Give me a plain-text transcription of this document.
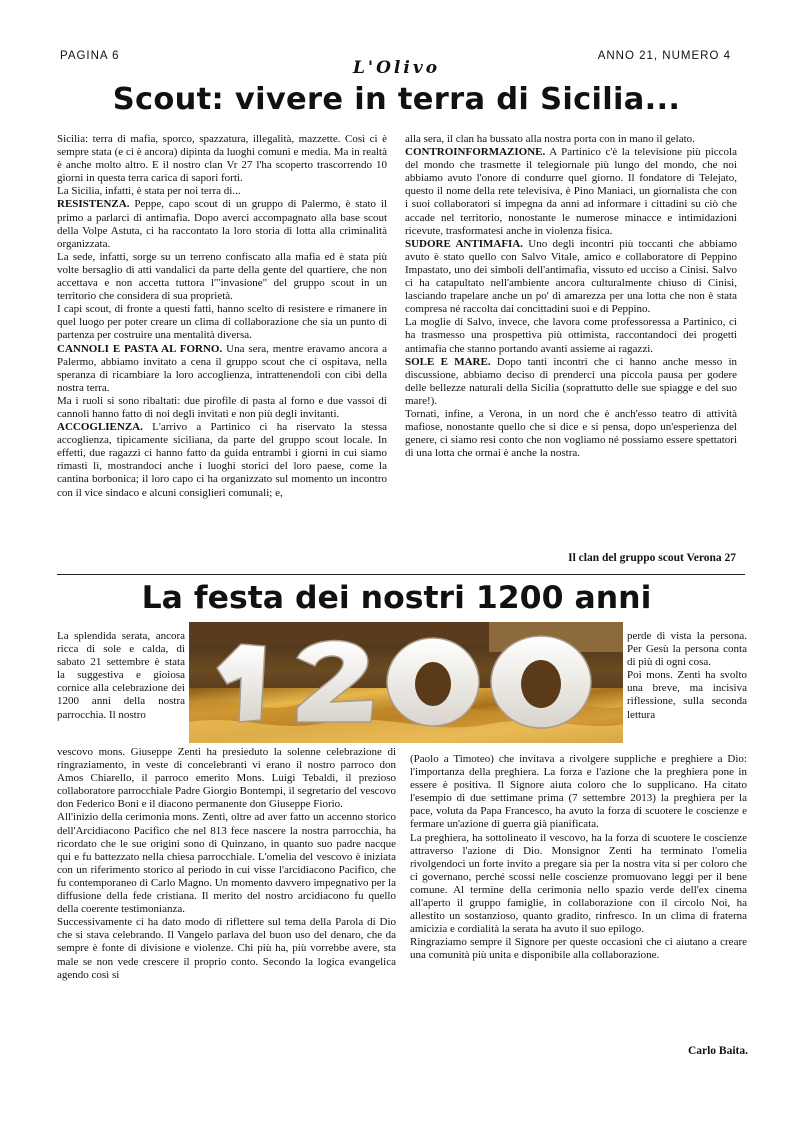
PAGINA 6	ANNO 21, NUMERO 4
L'Olivo
Scout: vivere in terra di Sicilia...

Sicilia: terra di mafia, sporco, spazzatura, illegalità, mazzette. Così ci è sempre stata (e ci è ancora) dipinta da luoghi comuni e media. Ma in realtà è anche molto altro. E il nostro clan Vr 27 l'ha scoperto trascorrendo 10 giorni in questa terra carica di sapori forti.

La Sicilia, infatti, è stata per noi terra di...

RESISTENZA. Peppe, capo scout di un gruppo di Palermo, è stato il primo a parlarci di antimafia. Dopo averci accompagnato alla base scout della Volpe Astuta, ci ha raccontato la loro storia di lotta alla criminalità organizzata.

La sede, infatti, sorge su un terreno confiscato alla mafia ed è stata più volte bersaglio di atti vandalici da parte della gente del quartiere, che non accettava e non accetta tuttora l'"invasione" del gruppo scout in un territorio che considera di sua proprietà.

I capi scout, di fronte a questi fatti, hanno scelto di resistere e rimanere in quel luogo per poter creare un clima di collaborazione che sia un punto di partenza per costruire una mentalità diversa.

CANNOLI E PASTA AL FORNO. Una sera, mentre eravamo ancora a Palermo, abbiamo invitato a cena il gruppo scout che ci ospitava, nella speranza di ricambiare la loro accoglienza, intrattenendoli con cibi della nostra terra.

Ma i ruoli si sono ribaltati: due pirofile di pasta al forno e due vassoi di cannoli hanno fatto di noi degli invitati e non più degli invitanti.

ACCOGLIENZA. L'arrivo a Partinico ci ha riservato la stessa accoglienza, tipicamente siciliana, da parte del gruppo scout locale. In effetti, due ragazzi ci hanno fatto da guida entrambi i giorni in cui siamo rimasti lì, mostrandoci anche i luoghi storici del loro paese, come la cantina borbonica; il loro capo ci ha organizzato sul momento un incontro con il vice sindaco e alcuni consiglieri comunali; e,

alla sera, il clan ha bussato alla nostra porta con in mano il gelato.

CONTROINFORMAZIONE. A Partinico c'è la televisione più piccola del mondo che trasmette il telegiornale più lungo del mondo, che noi abbiamo avuto l'onore di condurre quel giorno. Il fondatore di Telejato, questo il nome della rete televisiva, è Pino Maniaci, un giornalista che con i suoi collaboratori si impegna da anni ad informare i cittadini su ciò che accade nel territorio, nonostante le numerose minacce e intimidazioni ricevute, trasformatesi anche in violenza fisica.

SUDORE ANTIMAFIA. Uno degli incontri più toccanti che abbiamo avuto è stato quello con Salvo Vitale, amico e collaboratore di Peppino Impastato, uno dei simboli dell'antimafia, vissuto ed ucciso a Cinisi. Salvo ci ha catapultato nell'ambiente ancora culturalmente chiuso di Cinisi, lasciando trapelare anche un po' di amarezza per una lotta che non è stata compresa né raccolta dai concittadini suoi e di Peppino.

La moglie di Salvo, invece, che lavora come professoressa a Partinico, ci ha trasmesso una prospettiva più ottimista, raccontandoci dei progetti antimafia che stanno portando avanti assieme ai ragazzi.

SOLE E MARE. Dopo tanti incontri che ci hanno anche messo in discussione, abbiamo deciso di prenderci una piccola pausa per godere delle bellezze naturali della Sicilia (soprattutto delle sue spiagge e del suo mare!).

Tornati, infine, a Verona, in un nord che è anch'esso teatro di attività mafiose, nonostante quello che si dice e si pensa, dopo un'esperienza del genere, ci siamo resi conto che non vogliamo né possiamo essere spettatori di una lotta che ormai è anche la nostra.

Il clan del gruppo scout Verona 27
La festa dei nostri 1200 anni
La splendida serata, ancora ricca di sole e calda, di sabato 21 settembre è stata la suggestiva e gioiosa cornice alla celebrazione dei 1200 anni della nostra parrocchia. Il nostro

perde di vista la persona. Per Gesù la persona conta di più di ogni cosa.

Poi mons. Zenti ha svolto una breve, ma incisiva riflessione, sulla seconda lettura

vescovo mons. Giuseppe Zenti ha presieduto la solenne celebrazione di ringraziamento, in veste di concelebranti vi erano il nostro parroco don Amos Chiarello, il parroco emerito Mons. Luigi Tebaldi, il prezioso collaboratore parrocchiale Padre Giorgio Bontempi, il segretario del vescovo don Federico Boni e il diacono permanente don Giuseppe Fiorio.

All'inizio della cerimonia mons. Zenti, oltre ad aver fatto un accenno storico dell'Arcidiacono Pacifico che nel 813 fece nascere la nostra parrocchia, ha ricordato che le sue origini sono di Quinzano, in quanto suo padre nacque qui e fu battezzato nella chiesa parrocchiale. L'omelia del vescovo è iniziata con un riferimento storico al periodo in cui visse l'arcidiacono Pacifico, che fu contemporaneo di Carlo Magno. Un momento davvero impegnativo per la diffusione della fede cristiana. Il merito del nostro arcidiacono fu quello della coerente testimonianza.

Successivamente ci ha dato modo di riflettere sul tema della Parola di Dio che si stava celebrando. Il Vangelo parlava del buon uso del denaro, che da sempre è fonte di divisione e violenze. Chi più ha, più vorrebbe avere, sta male se non vede crescere il proprio conto. Secondo la logica evangelica agendo così si

(Paolo a Timoteo) che invitava a rivolgere suppliche e preghiere a Dio: l'importanza della preghiera. La forza e l'azione che la preghiera pone in essere è positiva. Il Signore aiuta coloro che lo supplicano. Ha citato l'esempio di due settimane prima (7 settembre 2013) la preghiera per la pace, voluta da Papa Francesco, ha avuto la forza di scuotere le coscienze e fermare un'azione di guerra già pianificata.

La preghiera, ha sottolineato il vescovo, ha la forza di scuotere le coscienze attraverso l'azione di Dio. Monsignor Zenti ha terminato l'omelia rivolgendoci un forte invito a pregare sia per la nostra vita si per coloro che ci governano, perché scossi nelle coscienze promuovano leggi per il bene comune. Al termine della cerimonia nello spazio verde dell'ex cinema all'aperto il gruppo famiglie, in collaborazione con il circolo Noi, ha allestito un sostanzioso, quanto gradito, rinfresco. In un clima di fraterna amicizia e cordialità la serata ha avuto il suo epilogo.

Ringraziamo sempre il Signore per queste occasioni che ci aiutano a creare una comunità più unita e disponibile alla collaborazione.

Carlo Baita.
